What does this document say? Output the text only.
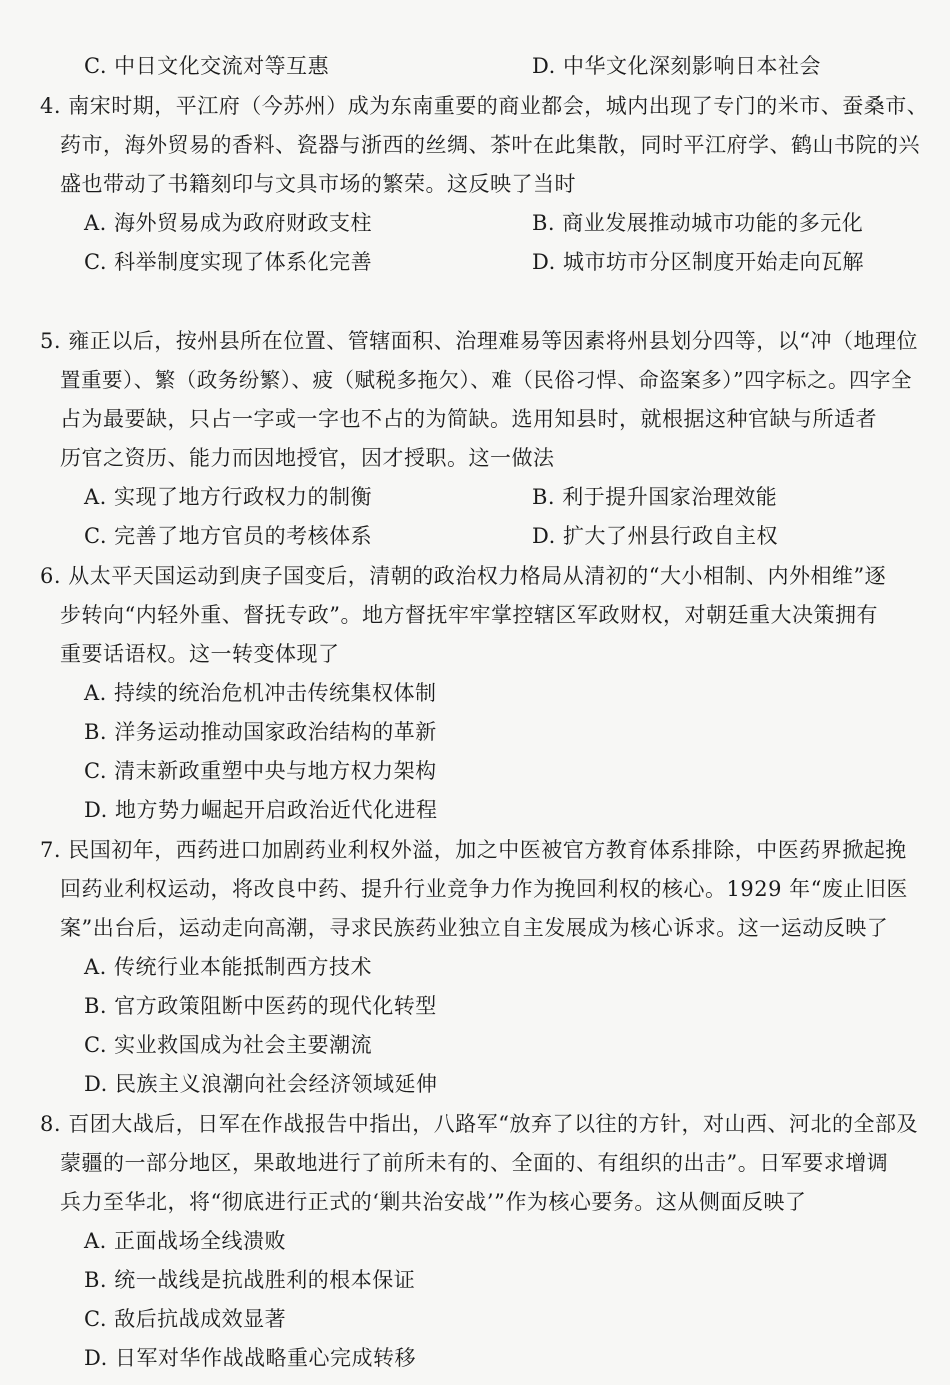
C. 中日文化交流对等互惠	D. 中华文化深刻影响日本社会
4. 南宋时期，平江府（今苏州）成为东南重要的商业都会，城内出现了专门的米市、蚕桑市、
药市，海外贸易的香料、瓷器与浙西的丝绸、茶叶在此集散，同时平江府学、鹤山书院的兴
盛也带动了书籍刻印与文具市场的繁荣。这反映了当时
A. 海外贸易成为政府财政支柱	B. 商业发展推动城市功能的多元化
C. 科举制度实现了体系化完善	D. 城市坊市分区制度开始走向瓦解
5. 雍正以后，按州县所在位置、管辖面积、治理难易等因素将州县划分四等，以“冲（地理位
置重要）、繁（政务纷繁）、疲（赋税多拖欠）、难（民俗刁悍、命盗案多）”四字标之。四字全
占为最要缺，只占一字或一字也不占的为简缺。选用知县时，就根据这种官缺与所适者
历官之资历、能力而因地授官，因才授职。这一做法
A. 实现了地方行政权力的制衡	B. 利于提升国家治理效能
C. 完善了地方官员的考核体系	D. 扩大了州县行政自主权
6. 从太平天国运动到庚子国变后，清朝的政治权力格局从清初的“大小相制、内外相维”逐
步转向“内轻外重、督抚专政”。地方督抚牢牢掌控辖区军政财权，对朝廷重大决策拥有
重要话语权。这一转变体现了
A. 持续的统治危机冲击传统集权体制
B. 洋务运动推动国家政治结构的革新
C. 清末新政重塑中央与地方权力架构
D. 地方势力崛起开启政治近代化进程
7. 民国初年，西药进口加剧药业利权外溢，加之中医被官方教育体系排除，中医药界掀起挽
回药业利权运动，将改良中药、提升行业竞争力作为挽回利权的核心。1929 年“废止旧医
案”出台后，运动走向高潮，寻求民族药业独立自主发展成为核心诉求。这一运动反映了
A. 传统行业本能抵制西方技术
B. 官方政策阻断中医药的现代化转型
C. 实业救国成为社会主要潮流
D. 民族主义浪潮向社会经济领域延伸
8. 百团大战后，日军在作战报告中指出，八路军“放弃了以往的方针，对山西、河北的全部及
蒙疆的一部分地区，果敢地进行了前所未有的、全面的、有组织的出击”。日军要求增调
兵力至华北，将“彻底进行正式的‘剿共治安战’”作为核心要务。这从侧面反映了
A. 正面战场全线溃败
B. 统一战线是抗战胜利的根本保证
C. 敌后抗战成效显著
D. 日军对华作战战略重心完成转移
